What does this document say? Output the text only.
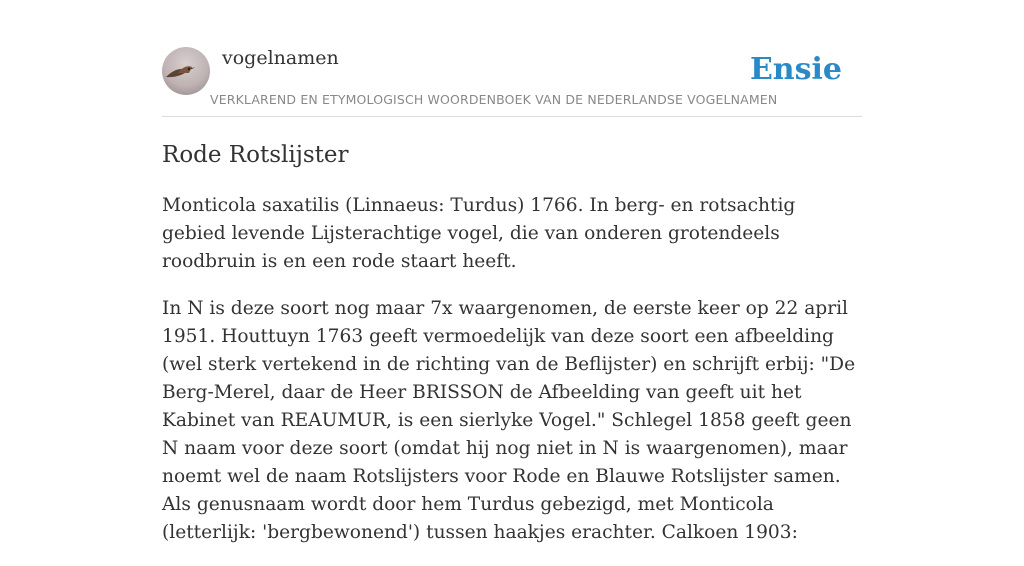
vogelnamen	Ensie
VERKLAREND EN ETYMOLOGISCH WOORDENBOEK VAN DE NEDERLANDSE VOGELNAMEN
Rode Rotslijster

Monticola saxatilis (Linnaeus: Turdus) 1766. In berg- en rotsachtig gebied levende Lijsterachtige vogel, die van onderen grotendeels roodbruin is en een rode staart heeft.

In N is deze soort nog maar 7x waargenomen, de eerste keer op 22 april 1951. Houttuyn 1763 geeft vermoedelijk van deze soort een afbeelding (wel sterk vertekend in de richting van de Beflijster) en schrijft erbij: "De Berg-Merel, daar de Heer BRISSON de Afbeelding van geeft uit het Kabinet van REAUMUR, is een sierlyke Vogel." Schlegel 1858 geeft geen N naam voor deze soort (omdat hij nog niet in N is waargenomen), maar noemt wel de naam Rotslijsters voor Rode en Blauwe Rotslijster samen. Als genusnaam wordt door hem Turdus gebezigd, met Monticola (letterlijk: 'bergbewonend') tussen haakjes erachter. Calkoen 1903:
